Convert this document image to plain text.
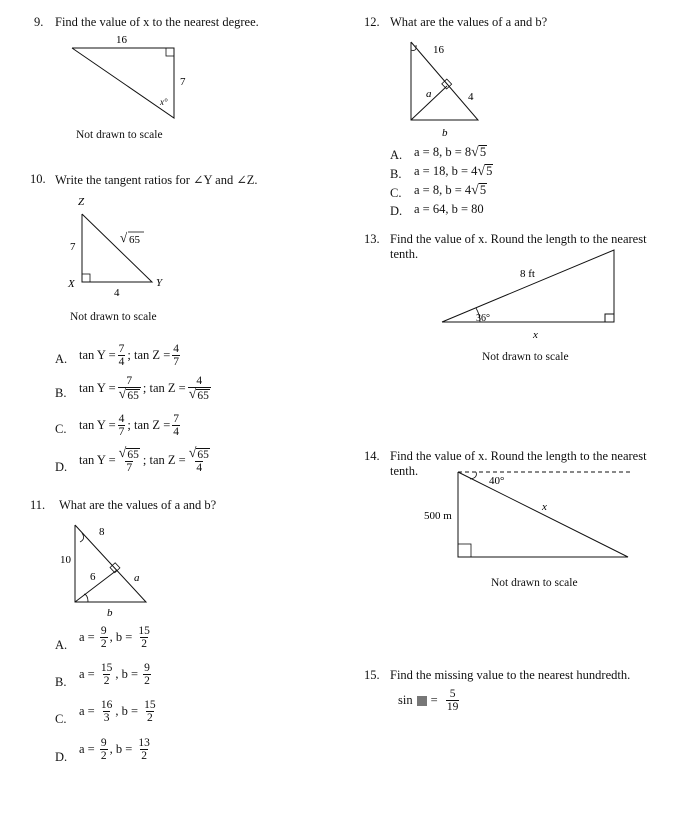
9. Find the value of x to the nearest degree.
16
7
x°
Not drawn to scale
10. Write the tangent ratios for ∠Y and ∠Z.
Z
X	Y
7
4
√ 65
Not drawn to scale
A. $\tan Y = \frac{7}{4}$ ;
$\tan Z = \frac{4}{7}$
B. $\tan Y = \frac{7}{√ 65}$ ;
$\tan Z = \frac{4}{√ 65}$
C. $\tan Y = \frac{4}{7}$ ;
$\tan Z = \frac{7}{4}$
D. $\tan Y = \frac{√ 65}{7}$ ;
$\tan Z = \frac{√ 65}{4}$
11. What are the values of a and b?
10
8
6	a
b
A.
a =
$\frac{9}{2}$ , b =
$\frac{15}{2}$
B.
a =
$\frac{15}{2}$ , b =
$\frac{9}{2}$
C.
a =
$\frac{16}{3}$ , b =
$\frac{15}{2}$
D.
a =
$\frac{9}{2}$ , b =
$\frac{13}{2}$
12. What are the values of a and b?
16
4
a
b
A. a = 8, b = 8 √ 5
B. a = 18, b = 4 √ 5
C. a = 8, b = 4 √ 5
D. a = 64, b = 80
13. Find the value of x. Round the length to the nearest
tenth.
8 ft
36°
x
Not drawn to scale
14. Find the value of x. Round the length to the nearest
tenth.
40°
x
500 m
Not drawn to scale
15. Find the missing value to the nearest hundredth.
sin =
$\frac{5}{19}$
